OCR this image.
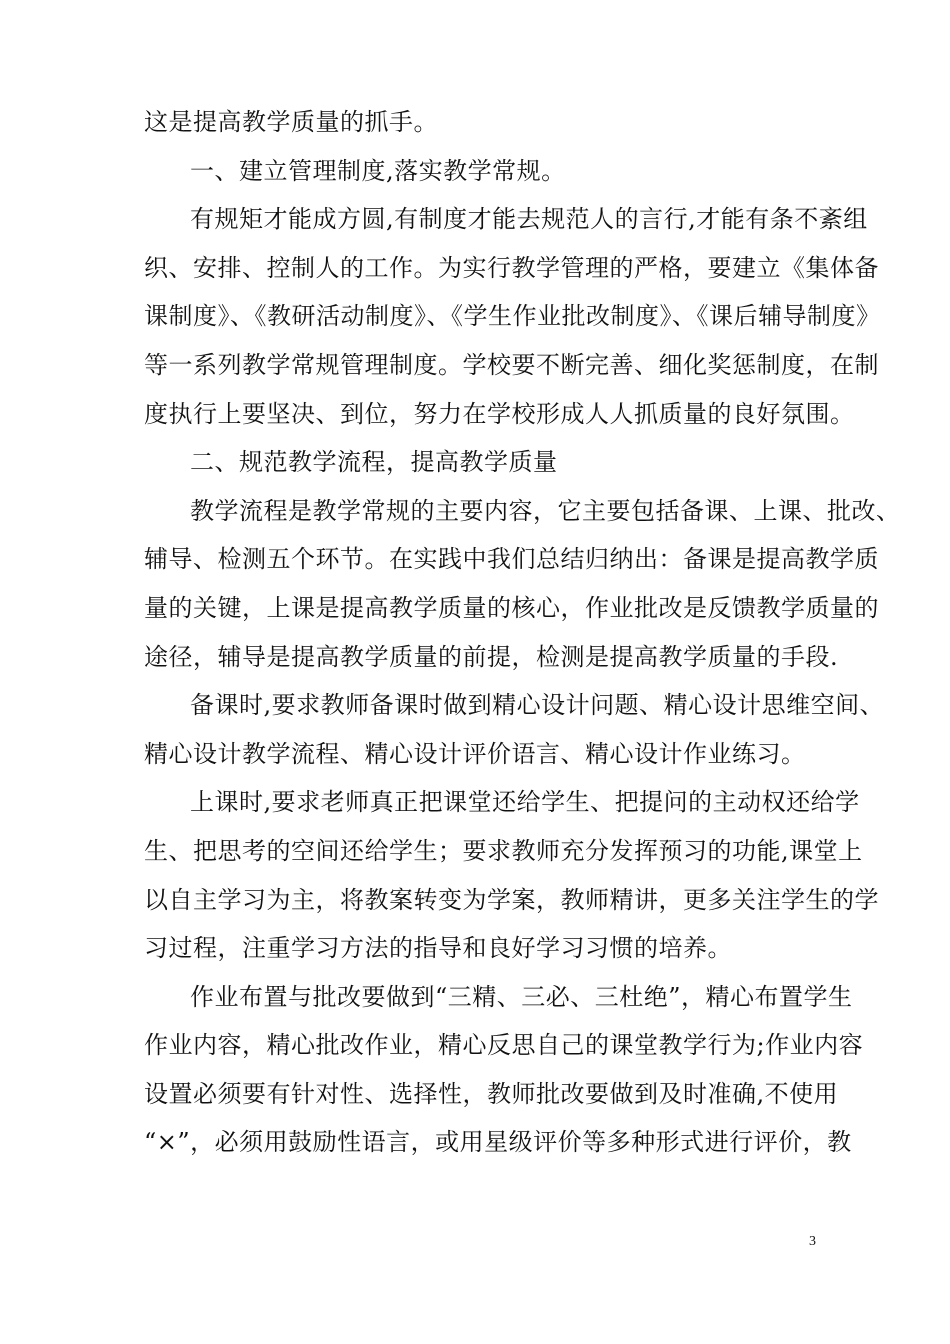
这是提高教学质量的抓手。
一、建立管理制度,落实教学常规。
有规矩才能成方圆,有制度才能去规范人的言行,才能有条不紊组
织、安排、控制人的工作。为实行教学管理的严格，要建立《集体备
课制度》、《教研活动制度》、《学生作业批改制度》、《课后辅导制度》
等一系列教学常规管理制度。学校要不断完善、细化奖惩制度，在制
度执行上要坚决、到位，努力在学校形成人人抓质量的良好氛围。
二、规范教学流程，提高教学质量
教学流程是教学常规的主要内容，它主要包括备课、上课、批改、
辅导、检测五个环节。在实践中我们总结归纳出：备课是提高教学质
量的关键，上课是提高教学质量的核心，作业批改是反馈教学质量的
途径，辅导是提高教学质量的前提，检测是提高教学质量的手段.
备课时,要求教师备课时做到精心设计问题、精心设计思维空间、
精心设计教学流程、精心设计评价语言、精心设计作业练习。
上课时,要求老师真正把课堂还给学生、把提问的主动权还给学
生、把思考的空间还给学生；要求教师充分发挥预习的功能,课堂上
以自主学习为主，将教案转变为学案，教师精讲，更多关注学生的学
习过程，注重学习方法的指导和良好学习习惯的培养。
作业布置与批改要做到“三精、三必、三杜绝”，精心布置学生
作业内容，精心批改作业，精心反思自己的课堂教学行为;作业内容
设置必须要有针对性、选择性，教师批改要做到及时准确,不使用
“×”，必须用鼓励性语言，或用星级评价等多种形式进行评价，教
3
